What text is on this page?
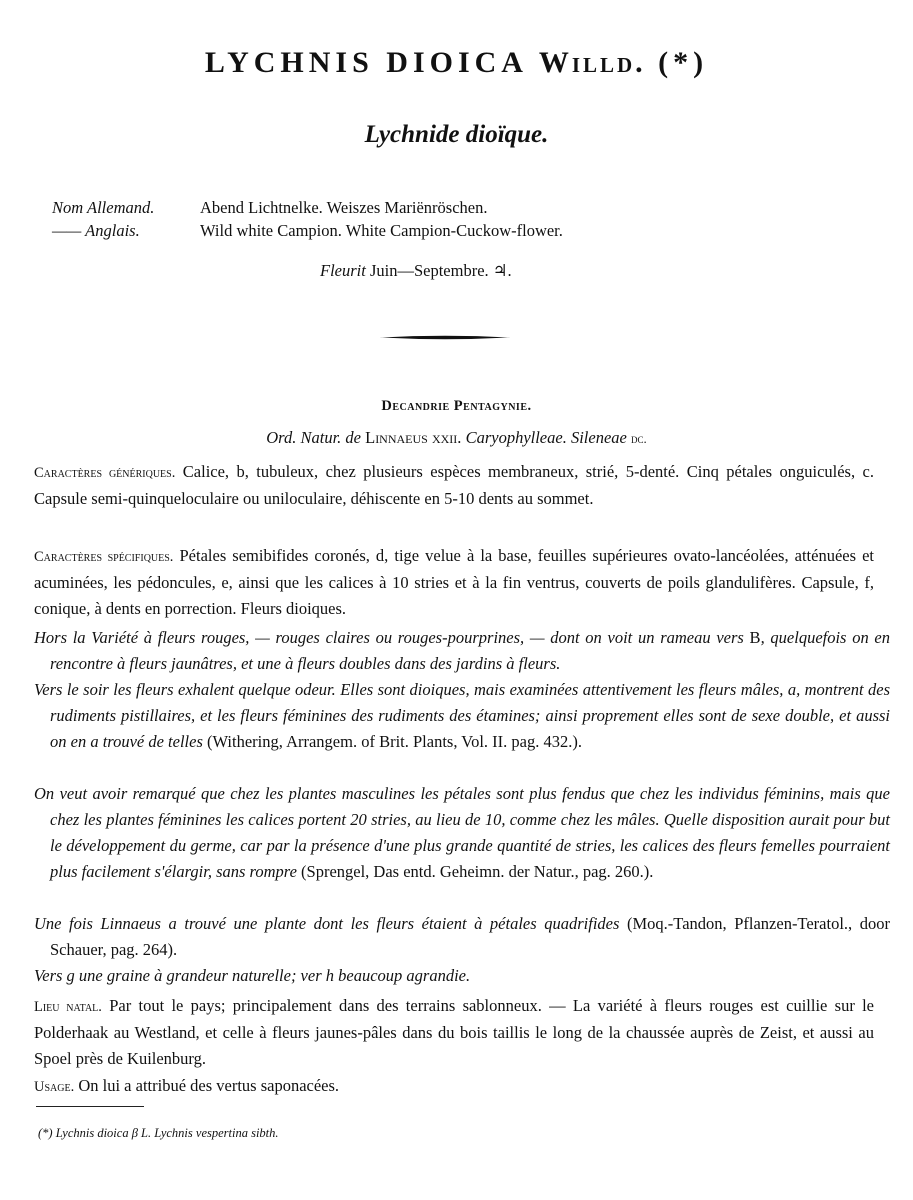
LYCHNIS DIOICA Willd. (*)
Lychnide dioïque.
Nom Allemand.	Abend Lichtnelke. Weiszes Mariënröschen.
—— Anglais.	Wild white Campion. White Campion-Cuckow-flower.
Fleurit Juin—Septembre. ♃.
Decandrie Pentagynie.
Ord. Natur. de Linnaeus xxii. Caryophylleae. Sileneae dc.
Caractères génériques. Calice, b, tubuleux, chez plusieurs espèces membraneux, strié, 5-denté. Cinq pétales onguiculés, c. Capsule semi-quinqueloculaire ou uniloculaire, déhiscente en 5-10 dents au sommet.
Caractères spécifiques. Pétales semibifides coronés, d, tige velue à la base, feuilles supérieures ovato-lancéolées, atténuées et acuminées, les pédoncules, e, ainsi que les calices à 10 stries et à la fin ventrus, couverts de poils glandulifères. Capsule, f, conique, à dents en porrection. Fleurs dioiques.
Hors la Variété à fleurs rouges, — rouges claires ou rouges-pourprines, — dont on voit un rameau vers B, quelquefois on en rencontre à fleurs jaunâtres, et une à fleurs doubles dans des jardins à fleurs.
Vers le soir les fleurs exhalent quelque odeur. Elles sont dioiques, mais examinées attentivement les fleurs mâles, a, montrent des rudiments pistillaires, et les fleurs féminines des rudiments des étamines; ainsi proprement elles sont de sexe double, et aussi on en a trouvé de telles (Withering, Arrangem. of Brit. Plants, Vol. II. pag. 432.).
On veut avoir remarqué que chez les plantes masculines les pétales sont plus fendus que chez les individus féminins, mais que chez les plantes féminines les calices portent 20 stries, au lieu de 10, comme chez les mâles. Quelle disposition aurait pour but le développement du germe, car par la présence d'une plus grande quantité de stries, les calices des fleurs femelles pourraient plus facilement s'élargir, sans rompre (Sprengel, Das entd. Geheimn. der Natur., pag. 260.).
Une fois Linnaeus a trouvé une plante dont les fleurs étaient à pétales quadrifides (Moq.-Tandon, Pflanzen-Teratol., door Schauer, pag. 264).
Vers g une graine à grandeur naturelle; ver h beaucoup agrandie.
Lieu natal. Par tout le pays; principalement dans des terrains sablonneux. — La variété à fleurs rouges est cuillie sur le Polderhaak au Westland, et celle à fleurs jaunes-pâles dans du bois taillis le long de la chaussée auprès de Zeist, et aussi au Spoel près de Kuilenburg.
Usage. On lui a attribué des vertus saponacées.
(*) Lychnis dioica β L. Lychnis vespertina sibth.
